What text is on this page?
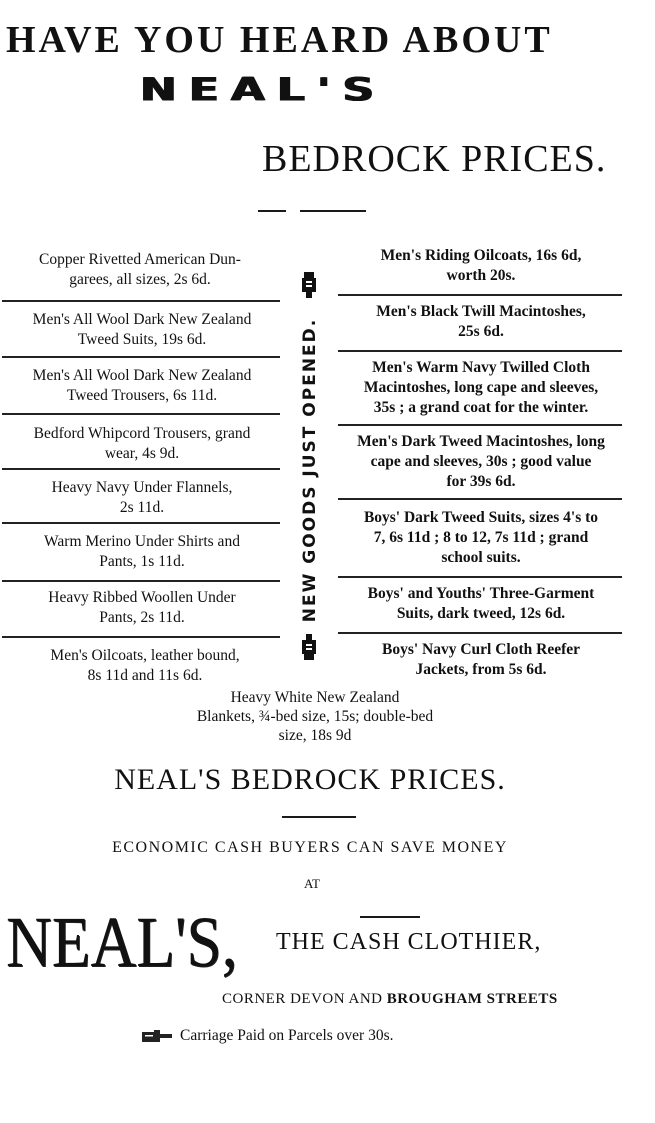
HAVE YOU HEARD ABOUT
NEAL'S
BEDROCK PRICES.
Copper Rivetted American Dun-
garees, all sizes, 2s 6d.
Men's All Wool Dark New Zealand
Tweed Suits, 19s 6d.
Men's All Wool Dark New Zealand
Tweed Trousers, 6s 11d.
Bedford Whipcord Trousers, grand
wear, 4s 9d.
Heavy Navy Under Flannels,
2s 11d.
Warm Merino Under Shirts and
Pants, 1s 11d.
Heavy Ribbed Woollen Under
Pants, 2s 11d.
Men's Oilcoats, leather bound,
8s 11d and 11s 6d.
NEW GOODS JUST OPENED.
Men's Riding Oilcoats, 16s 6d,
worth 20s.
Men's Black Twill Macintoshes,
25s 6d.
Men's Warm Navy Twilled Cloth
Macintoshes, long cape and sleeves,
35s ; a grand coat for the winter.
Men's Dark Tweed Macintoshes, long
cape and sleeves, 30s ; good value
for 39s 6d.
Boys' Dark Tweed Suits, sizes 4's to
7, 6s 11d ; 8 to 12, 7s 11d ; grand
school suits.
Boys' and Youths' Three-Garment
Suits, dark tweed, 12s 6d.
Boys' Navy Curl Cloth Reefer
Jackets, from 5s 6d.
Heavy White New Zealand
Blankets, ¾-bed size, 15s; double-bed
size, 18s 9d
NEAL'S BEDROCK PRICES.
ECONOMIC CASH BUYERS CAN SAVE MONEY
AT
NEAL'S, THE CASH CLOTHIER,
CORNER DEVON AND BROUGHAM STREETS
Carriage Paid on Parcels over 30s.
